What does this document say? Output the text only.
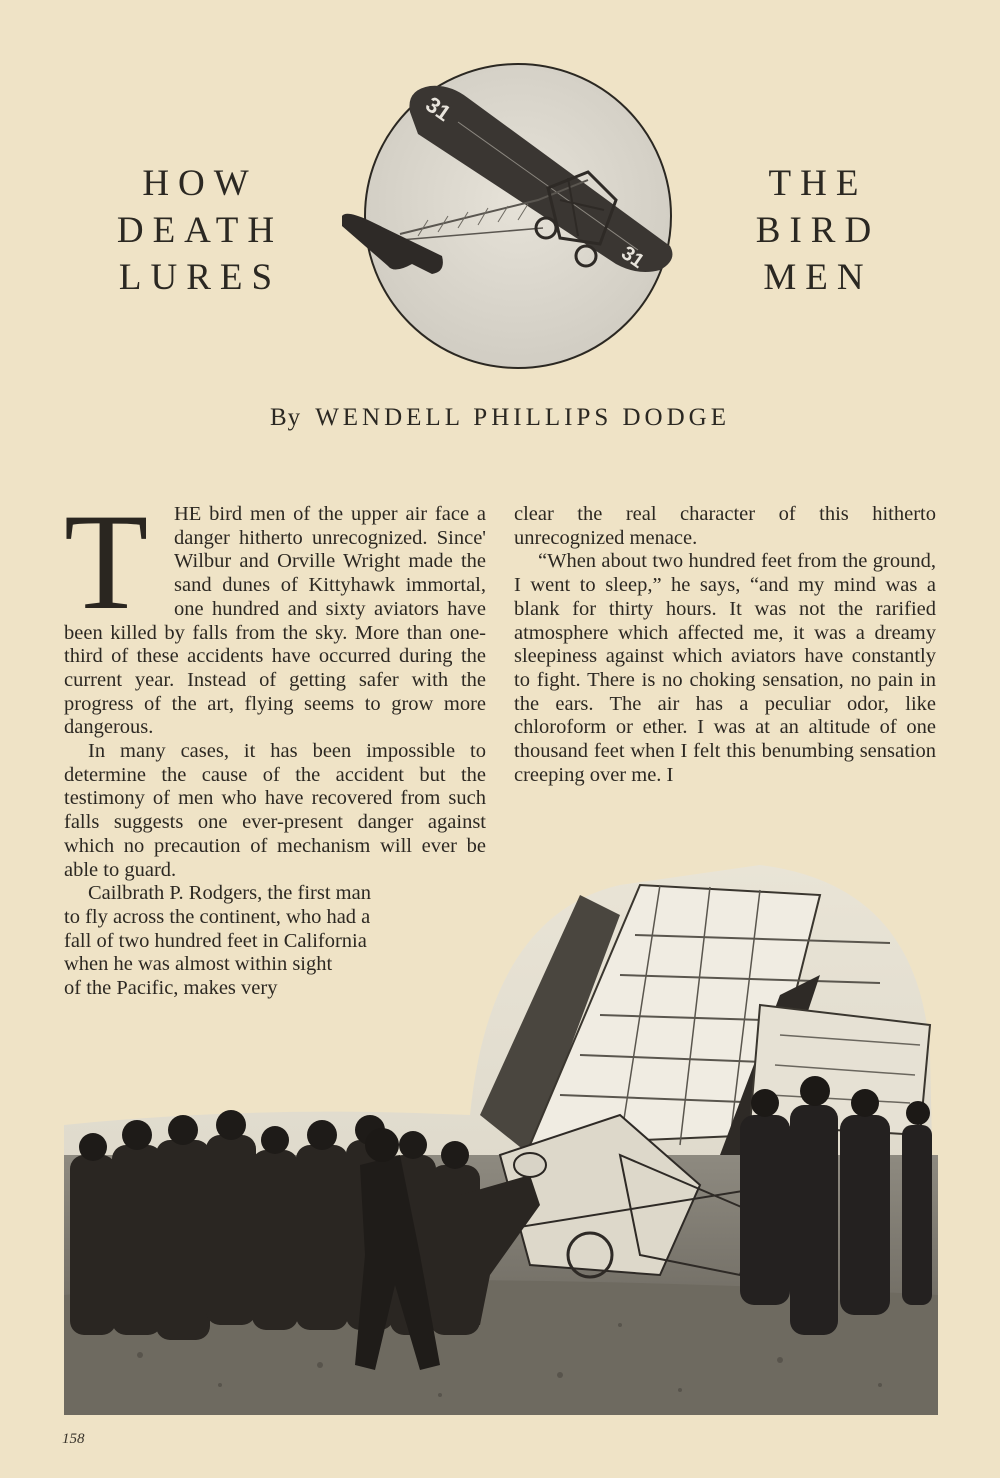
HOW
DEATH
LURES
31
31
THE
BIRD
MEN
By WENDELL PHILLIPS DODGE

T HE bird men of the upper air face a danger hitherto unrecognized. Since' Wilbur and Orville Wright made the sand dunes of Kittyhawk immortal, one hundred and sixty aviators have been killed by falls from the sky. More than one-third of these accidents have occurred during the current year. Instead of getting safer with the progress of the art, flying seems to grow more dangerous.

In many cases, it has been impossible to determine the cause of the accident but the testimony of men who have recovered from such falls suggests one ever-present danger against which no precaution of mechanism will ever be able to guard.

Cailbrath P. Rodgers, the first man
to fly across the continent, who had a
fall of two hundred feet in California
when he was almost within sight
of the Pacific, makes very

clear the real character of this hitherto unrecognized menace.

“When about two hundred feet from the ground, I went to sleep,” he says, “and my mind was a blank for thirty hours. It was not the rarified atmosphere which affected me, it was a dreamy sleepiness against which aviators have constantly to fight. There is no choking sensation, no pain in the ears. The air has a peculiar odor, like chloroform or ether. I was at an altitude of one thousand feet when I felt this benumbing sensation creeping over me. I

158
